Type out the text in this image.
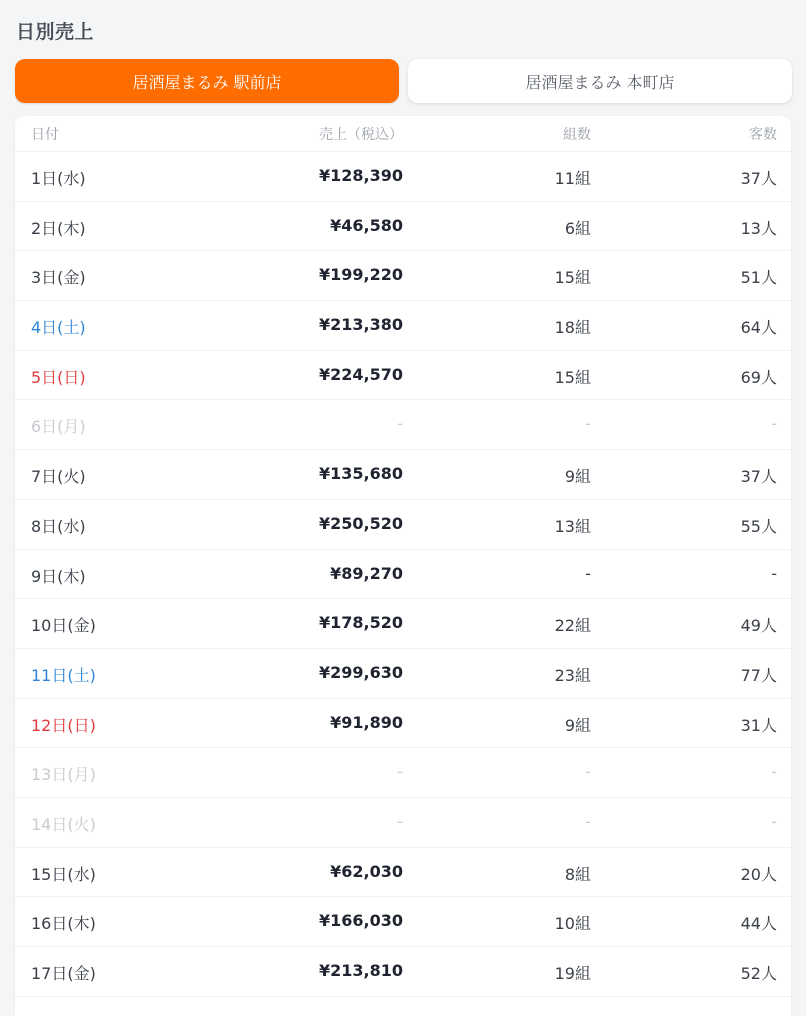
日別売上
居酒屋まるみ 駅前店	居酒屋まるみ 本町店
日付	売上（税込）	組数	客数
1日(水)	¥128,390	11組	37人
2日(木)	¥46,580	6組	13人
3日(金)	¥199,220	15組	51人
4日(土)	¥213,380	18組	64人
5日(日)	¥224,570	15組	69人
6日(月)	-	-	-
7日(火)	¥135,680	9組	37人
8日(水)	¥250,520	13組	55人
9日(木)	¥89,270	-	-
10日(金)	¥178,520	22組	49人
11日(土)	¥299,630	23組	77人
12日(日)	¥91,890	9組	31人
13日(月)	-	-	-
14日(火)	-	-	-
15日(水)	¥62,030	8組	20人
16日(木)	¥166,030	10組	44人
17日(金)	¥213,810	19組	52人
